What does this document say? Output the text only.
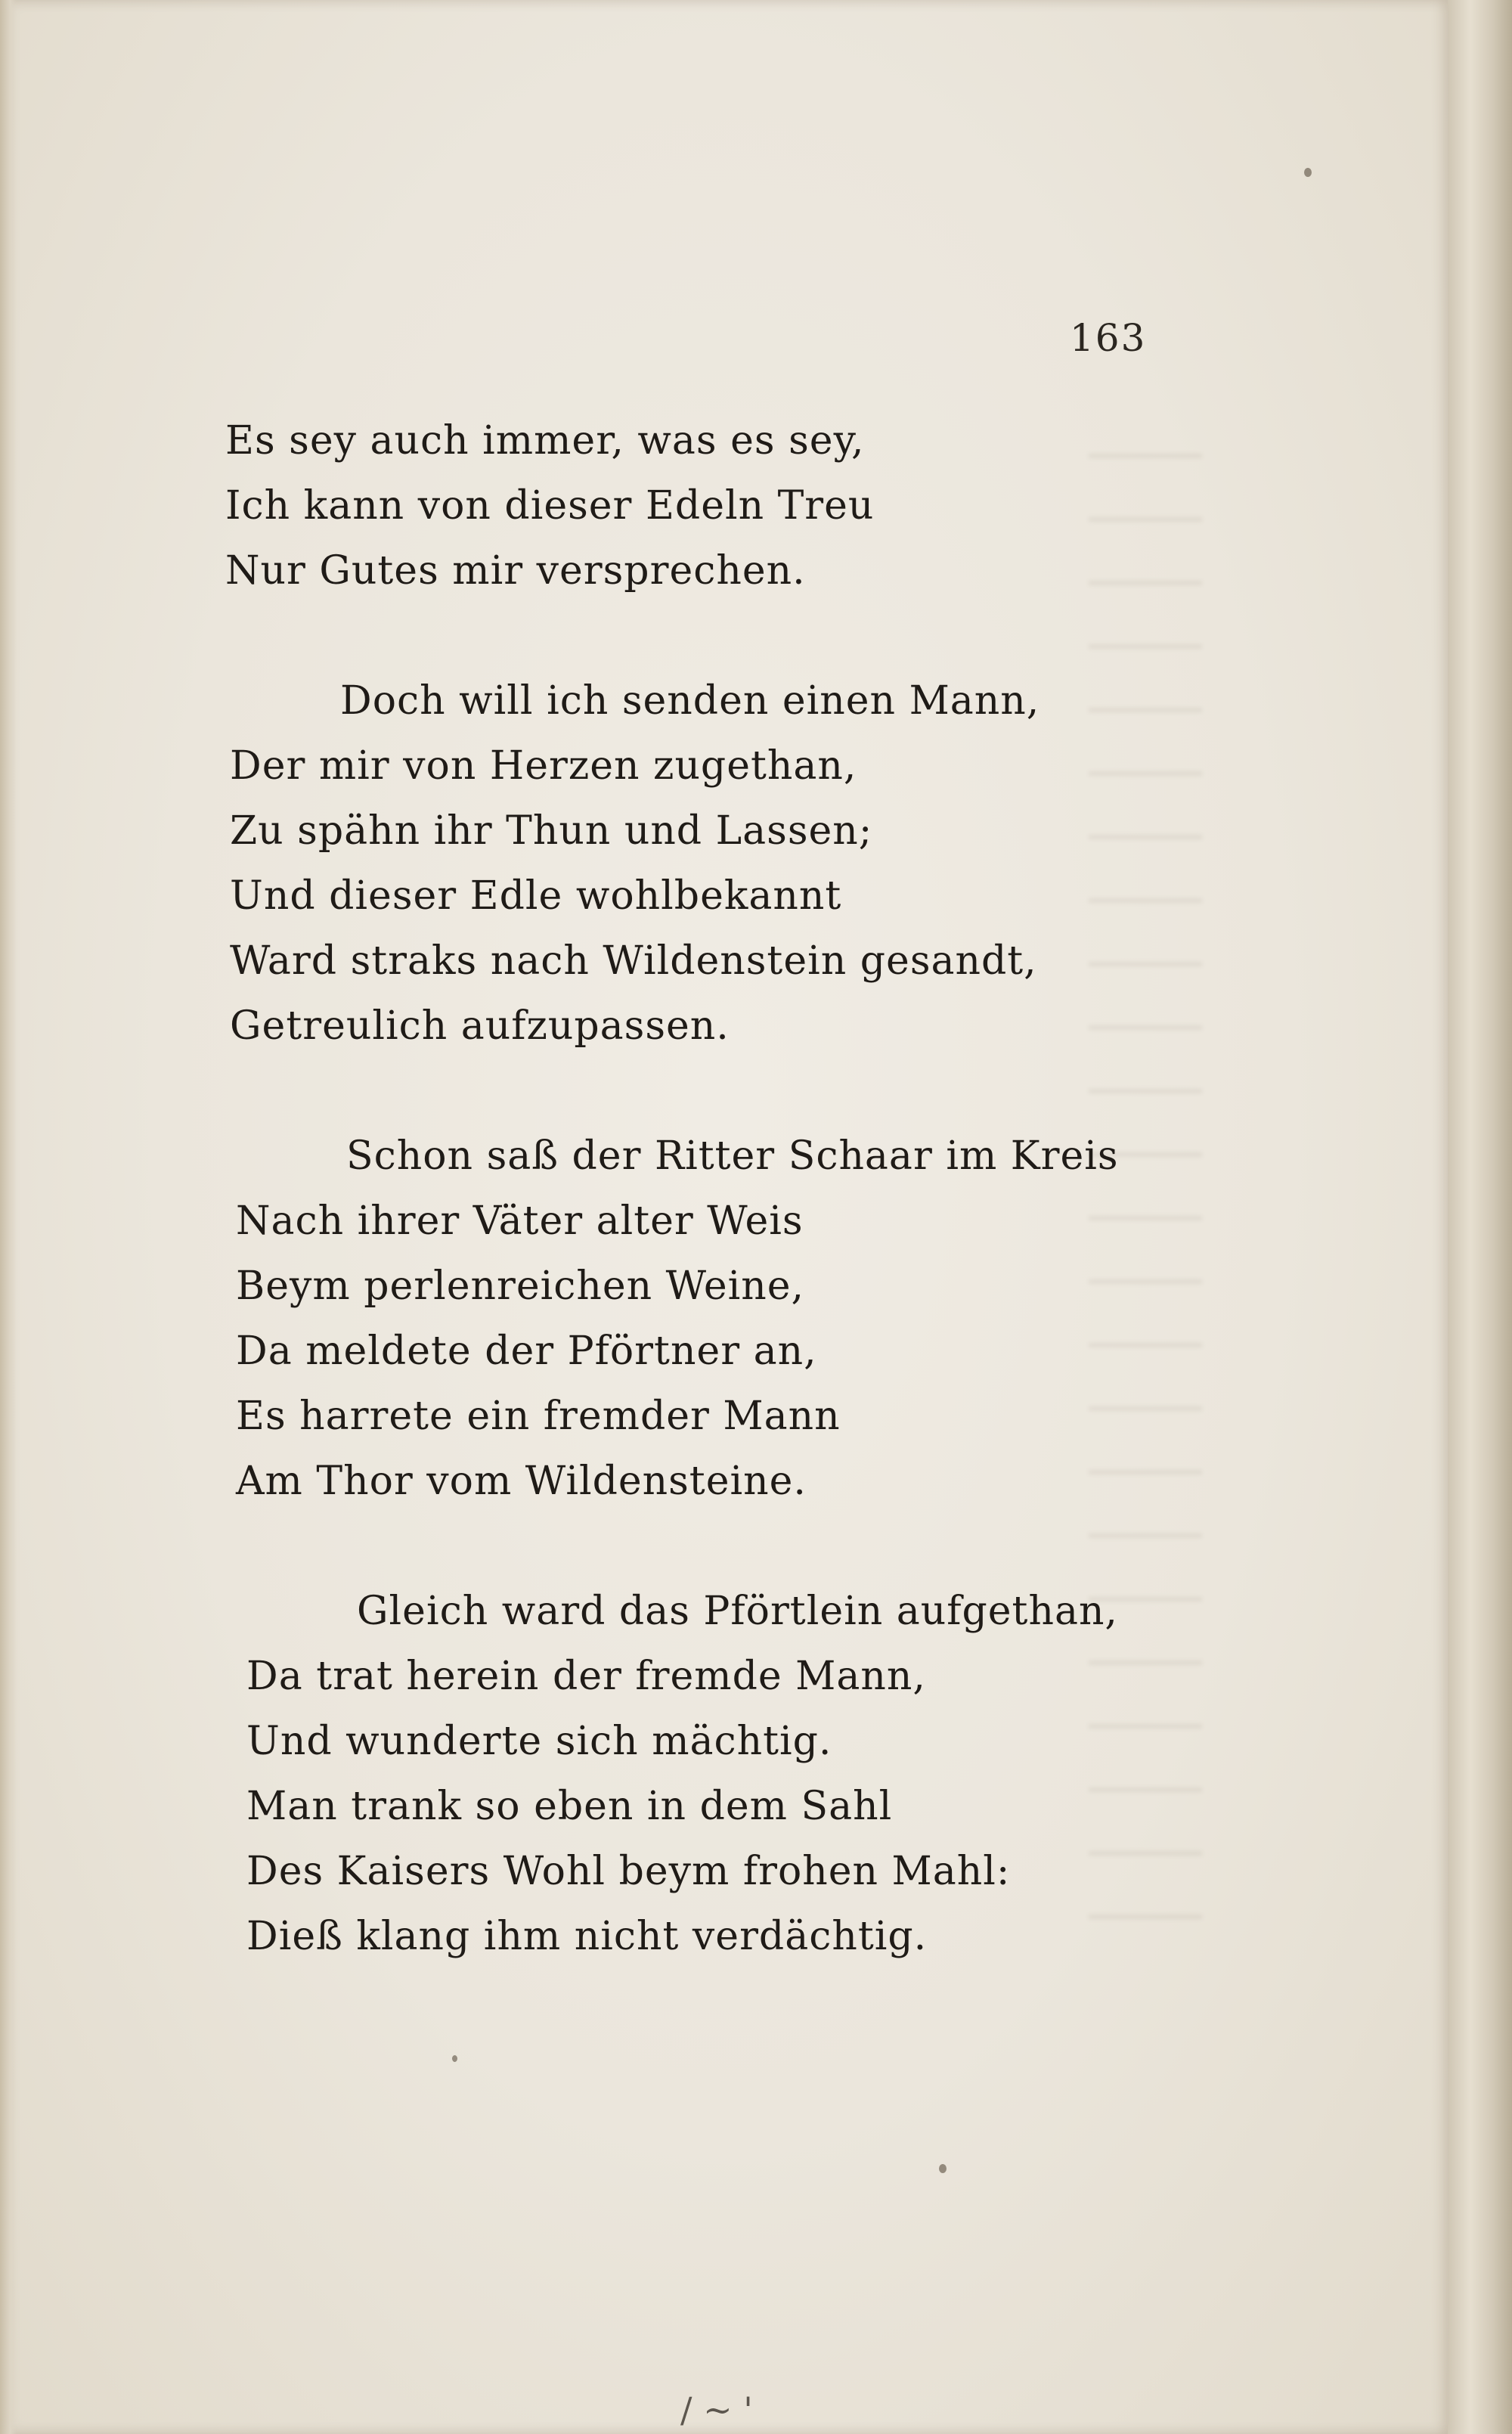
163
Es sey auch immer, was es sey,
Ich kann von dieser Edeln Treu
Nur Gutes mir versprechen.
Doch will ich senden einen Mann,
Der mir von Herzen zugethan,
Zu spähn ihr Thun und Lassen;
Und dieser Edle wohlbekannt
Ward straks nach Wildenstein gesandt,
Getreulich aufzupassen.
Schon saß der Ritter Schaar im Kreis
Nach ihrer Väter alter Weis
Beym perlenreichen Weine,
Da meldete der Pförtner an,
Es harrete ein fremder Mann
Am Thor vom Wildensteine.
Gleich ward das Pförtlein aufgethan,
Da trat herein der fremde Mann,
Und wunderte sich mächtig.
Man trank so eben in dem Sahl
Des Kaisers Wohl beym frohen Mahl:
Dieß klang ihm nicht verdächtig.
/ ~ '
